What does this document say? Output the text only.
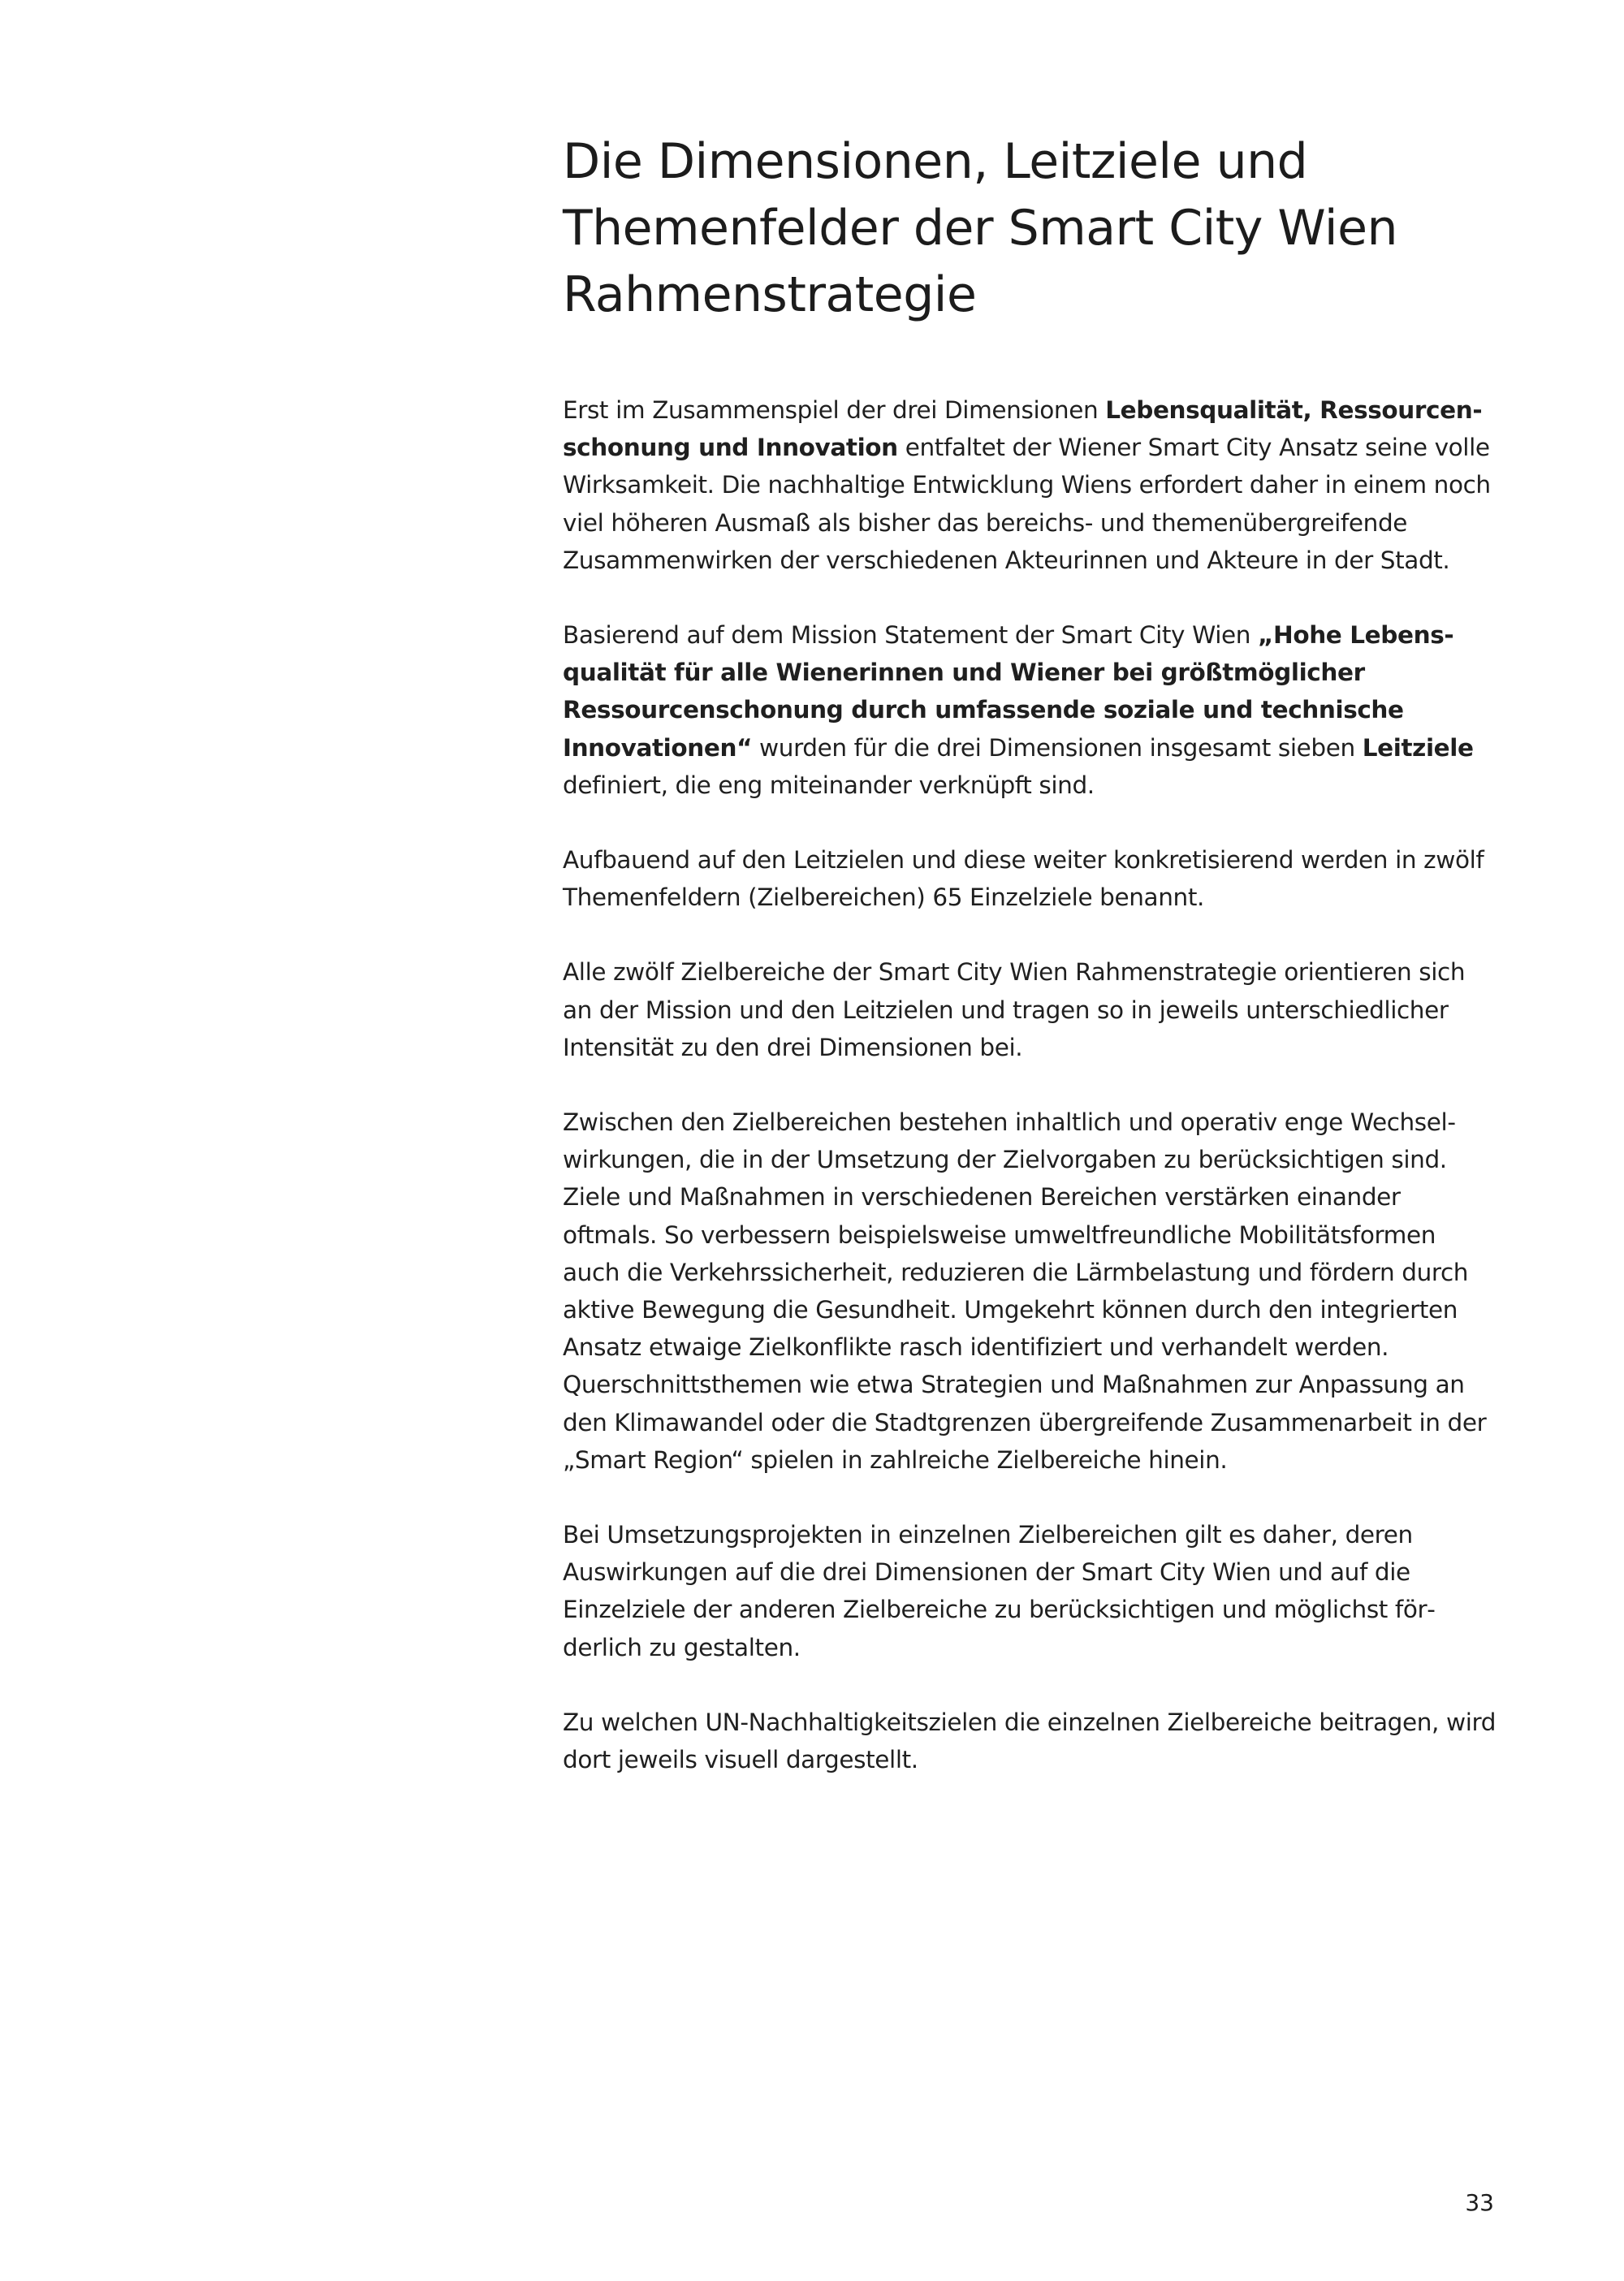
Die Dimensionen, Leitziele und
Themenfelder der Smart City Wien
Rahmenstrategie

Erst im Zusammenspiel der drei Dimensionen Lebensqualität, Ressourcenschonung und Innovation entfaltet der Wiener Smart City Ansatz seine volle Wirksamkeit. Die nachhaltige Entwicklung Wiens erfordert daher in einem noch viel höheren Ausmaß als bisher das bereichs- und themenübergreifende Zusammenwirken der verschiedenen Akteurinnen und Akteure in der Stadt.

Basierend auf dem Mission Statement der Smart City Wien „Hohe Lebensqualität für alle Wienerinnen und Wiener bei größtmöglicher Ressourcenschonung durch umfassende soziale und technische Innovationen“ wurden für die drei Dimensionen insgesamt sieben Leitziele definiert, die eng miteinander verknüpft sind.

Aufbauend auf den Leitzielen und diese weiter konkretisierend werden in zwölf Themenfeldern (Zielbereichen) 65 Einzelziele benannt.

Alle zwölf Zielbereiche der Smart City Wien Rahmenstrategie orientieren sich an der Mission und den Leitzielen und tragen so in jeweils unterschiedlicher Intensität zu den drei Dimensionen bei.

Zwischen den Zielbereichen bestehen inhaltlich und operativ enge Wechselwirkungen, die in der Umsetzung der Zielvorgaben zu berücksichtigen sind. Ziele und Maßnahmen in verschiedenen Bereichen verstärken einander oftmals. So verbessern beispielsweise umweltfreundliche Mobilitätsformen auch die Verkehrssicherheit, reduzieren die Lärmbelastung und fördern durch aktive Bewegung die Gesundheit. Umgekehrt können durch den integrierten Ansatz etwaige Zielkonflikte rasch identifiziert und verhandelt werden. Querschnittsthemen wie etwa Strategien und Maßnahmen zur Anpassung an den Klimawandel oder die Stadtgrenzen übergreifende Zusammenarbeit in der „Smart Region“ spielen in zahlreiche Zielbereiche hinein.

Bei Umsetzungsprojekten in einzelnen Zielbereichen gilt es daher, deren Auswirkungen auf die drei Dimensionen der Smart City Wien und auf die Einzelziele der anderen Zielbereiche zu berücksichtigen und möglichst förderlich zu gestalten.

Zu welchen UN-Nachhaltigkeitszielen die einzelnen Zielbereiche beitragen, wird dort jeweils visuell dargestellt.

33
